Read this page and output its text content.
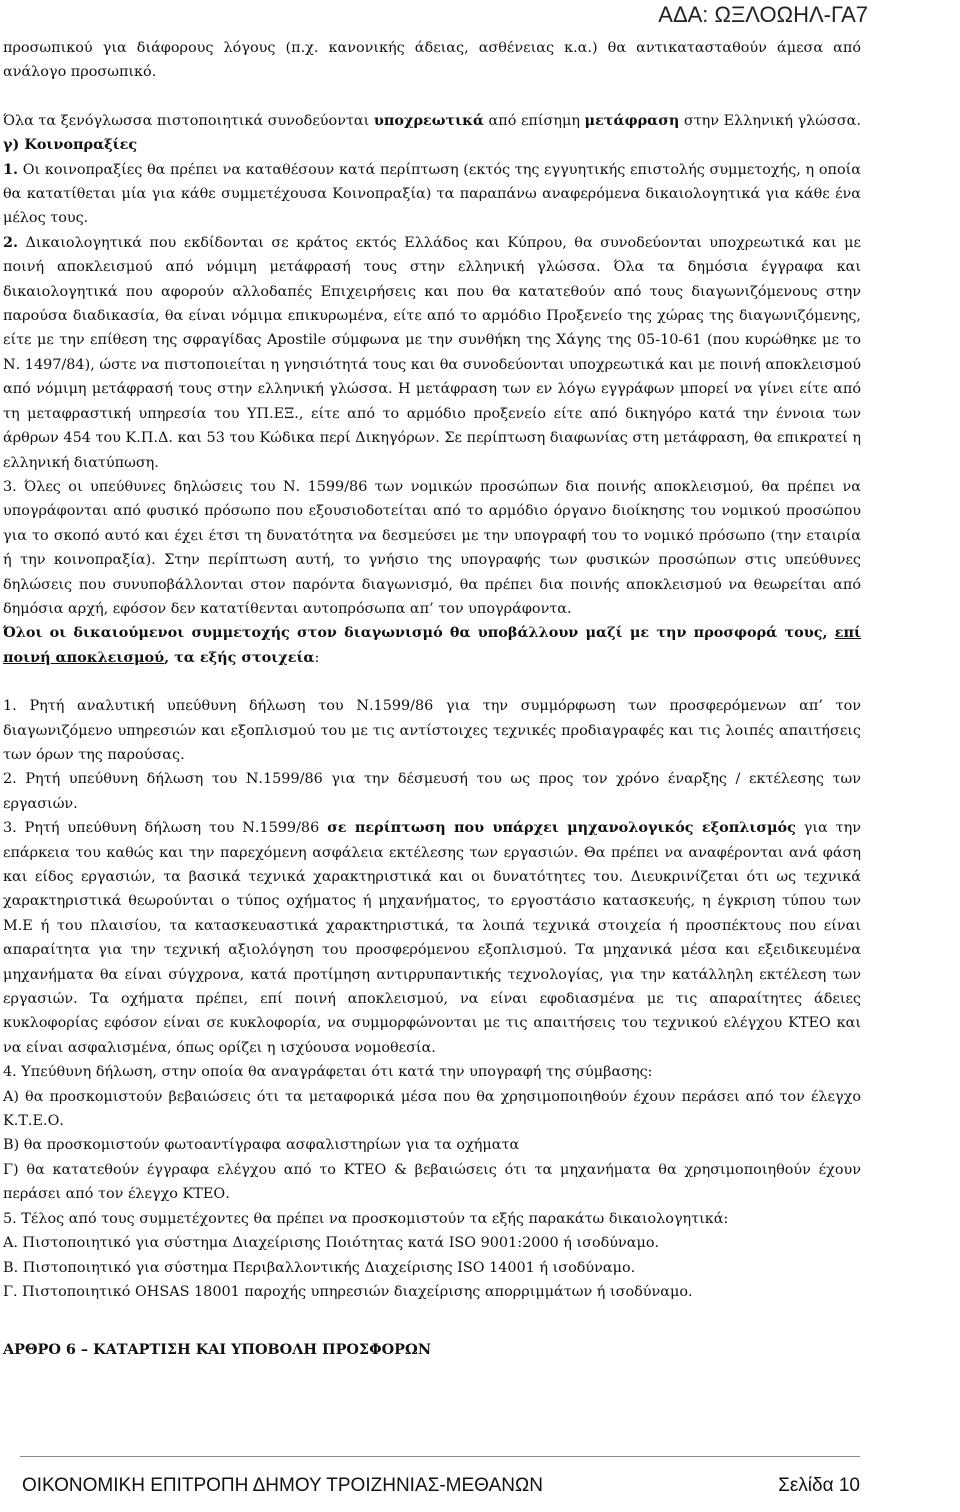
ΑΔΑ: ΩΞΛΟΩΗΛ-ΓΑ7

προσωπικού για διάφορους λόγους (π.χ. κανονικής άδειας, ασθένειας κ.α.) θα αντικατασταθούν άμεσα από ανάλογο προσωπικό.

Όλα τα ξενόγλωσσα πιστοποιητικά συνοδεύονται υποχρεωτικά από επίσημη μετάφραση στην Ελληνική γλώσσα.

γ) Κοινοπραξίες

1. Οι κοινοπραξίες θα πρέπει να καταθέσουν κατά περίπτωση (εκτός της εγγυητικής επιστολής συμμετοχής, η οποία θα κατατίθεται μία για κάθε συμμετέχουσα Κοινοπραξία) τα παραπάνω αναφερόμενα δικαιολογητικά για κάθε ένα μέλος τους.

2. Δικαιολογητικά που εκδίδονται σε κράτος εκτός Ελλάδος και Κύπρου, θα συνοδεύονται υποχρεωτικά και με ποινή αποκλεισμού από νόμιμη μετάφρασή τους στην ελληνική γλώσσα. Όλα τα δημόσια έγγραφα και δικαιολογητικά που αφορούν αλλοδαπές Επιχειρήσεις και που θα κατατεθούν από τους διαγωνιζόμενους στην παρούσα διαδικασία, θα είναι νόμιμα επικυρωμένα, είτε από το αρμόδιο Προξενείο της χώρας της διαγωνιζόμενης, είτε με την επίθεση της σφραγίδας Apostile σύμφωνα με την συνθήκη της Χάγης της 05-10-61 (που κυρώθηκε με το Ν. 1497/84), ώστε να πιστοποιείται η γνησιότητά τους και θα συνοδεύονται υποχρεωτικά και με ποινή αποκλεισμού από νόμιμη μετάφρασή τους στην ελληνική γλώσσα. Η μετάφραση των εν λόγω εγγράφων μπορεί να γίνει είτε από τη μεταφραστική υπηρεσία του ΥΠ.ΕΞ., είτε από το αρμόδιο προξενείο είτε από δικηγόρο κατά την έννοια των άρθρων 454 του Κ.Π.Δ. και 53 του Κώδικα περί Δικηγόρων. Σε περίπτωση διαφωνίας στη μετάφραση, θα επικρατεί η ελληνική διατύπωση.

3. Όλες οι υπεύθυνες δηλώσεις του Ν. 1599/86 των νομικών προσώπων δια ποινής αποκλεισμού, θα πρέπει να υπογράφονται από φυσικό πρόσωπο που εξουσιοδοτείται από το αρμόδιο όργανο διοίκησης του νομικού προσώπου για το σκοπό αυτό και έχει έτσι τη δυνατότητα να δεσμεύσει με την υπογραφή του το νομικό πρόσωπο (την εταιρία ή την κοινοπραξία). Στην περίπτωση αυτή, το γνήσιο της υπογραφής των φυσικών προσώπων στις υπεύθυνες δηλώσεις που συνυποβάλλονται στον παρόντα διαγωνισμό, θα πρέπει δια ποινής αποκλεισμού να θεωρείται από δημόσια αρχή, εφόσον δεν κατατίθενται αυτοπρόσωπα απ’ τον υπογράφοντα.

Όλοι οι δικαιούμενοι συμμετοχής στον διαγωνισμό θα υποβάλλουν μαζί με την προσφορά τους, επί ποινή αποκλεισμού, τα εξής στοιχεία:

1. Ρητή αναλυτική υπεύθυνη δήλωση του Ν.1599/86 για την συμμόρφωση των προσφερόμενων απ’ τον διαγωνιζόμενο υπηρεσιών και εξοπλισμού του με τις αντίστοιχες τεχνικές προδιαγραφές και τις λοιπές απαιτήσεις των όρων της παρούσας.

2. Ρητή υπεύθυνη δήλωση του Ν.1599/86 για την δέσμευσή του ως προς τον χρόνο έναρξης / εκτέλεσης των εργασιών.

3. Ρητή υπεύθυνη δήλωση του Ν.1599/86 σε περίπτωση που υπάρχει μηχανολογικός εξοπλισμός για την επάρκεια του καθώς και την παρεχόμενη ασφάλεια εκτέλεσης των εργασιών. Θα πρέπει να αναφέρονται ανά φάση και είδος εργασιών, τα βασικά τεχνικά χαρακτηριστικά και οι δυνατότητες του. Διευκρινίζεται ότι ως τεχνικά χαρακτηριστικά θεωρούνται ο τύπος οχήματος ή μηχανήματος, το εργοστάσιο κατασκευής, η έγκριση τύπου των Μ.Ε ή του πλαισίου, τα κατασκευαστικά χαρακτηριστικά, τα λοιπά τεχνικά στοιχεία ή προσπέκτους που είναι απαραίτητα για την τεχνική αξιολόγηση του προσφερόμενου εξοπλισμού. Τα μηχανικά μέσα και εξειδικευμένα μηχανήματα θα είναι σύγχρονα, κατά προτίμηση αντιρρυπαντικής τεχνολογίας, για την κατάλληλη εκτέλεση των εργασιών. Τα οχήματα πρέπει, επί ποινή αποκλεισμού, να είναι εφοδιασμένα με τις απαραίτητες άδειες κυκλοφορίας εφόσον είναι σε κυκλοφορία, να συμμορφώνονται με τις απαιτήσεις του τεχνικού ελέγχου ΚΤΕΟ και να είναι ασφαλισμένα, όπως ορίζει η ισχύουσα νομοθεσία.

4. Υπεύθυνη δήλωση, στην οποία θα αναγράφεται ότι κατά την υπογραφή της σύμβασης:

Α) θα προσκομιστούν βεβαιώσεις ότι τα μεταφορικά μέσα που θα χρησιμοποιηθούν έχουν περάσει από τον έλεγχο Κ.Τ.Ε.Ο.

Β) θα προσκομιστούν φωτοαντίγραφα ασφαλιστηρίων για τα οχήματα

Γ) θα κατατεθούν έγγραφα ελέγχου από το ΚΤΕΟ & βεβαιώσεις ότι τα μηχανήματα θα χρησιμοποιηθούν έχουν περάσει από τον έλεγχο ΚΤΕΟ.

5. Τέλος από τους συμμετέχοντες θα πρέπει να προσκομιστούν τα εξής παρακάτω δικαιολογητικά:

Α. Πιστοποιητικό για σύστημα Διαχείρισης Ποιότητας κατά ISO 9001:2000 ή ισοδύναμο.

Β. Πιστοποιητικό για σύστημα Περιβαλλοντικής Διαχείρισης ISO 14001 ή ισοδύναμο.

Γ. Πιστοποιητικό OHSAS 18001 παροχής υπηρεσιών διαχείρισης απορριμμάτων ή ισοδύναμο.

ΑΡΘΡΟ 6 – ΚΑΤΑΡΤΙΣΗ ΚΑΙ ΥΠΟΒΟΛΗ ΠΡΟΣΦΟΡΩΝ

ΟΙΚΟΝΟΜΙΚΗ ΕΠΙΤΡΟΠΗ ΔΗΜΟΥ ΤΡΟΙΖΗΝΙΑΣ-ΜΕΘΑΝΩΝ	Σελίδα 10
